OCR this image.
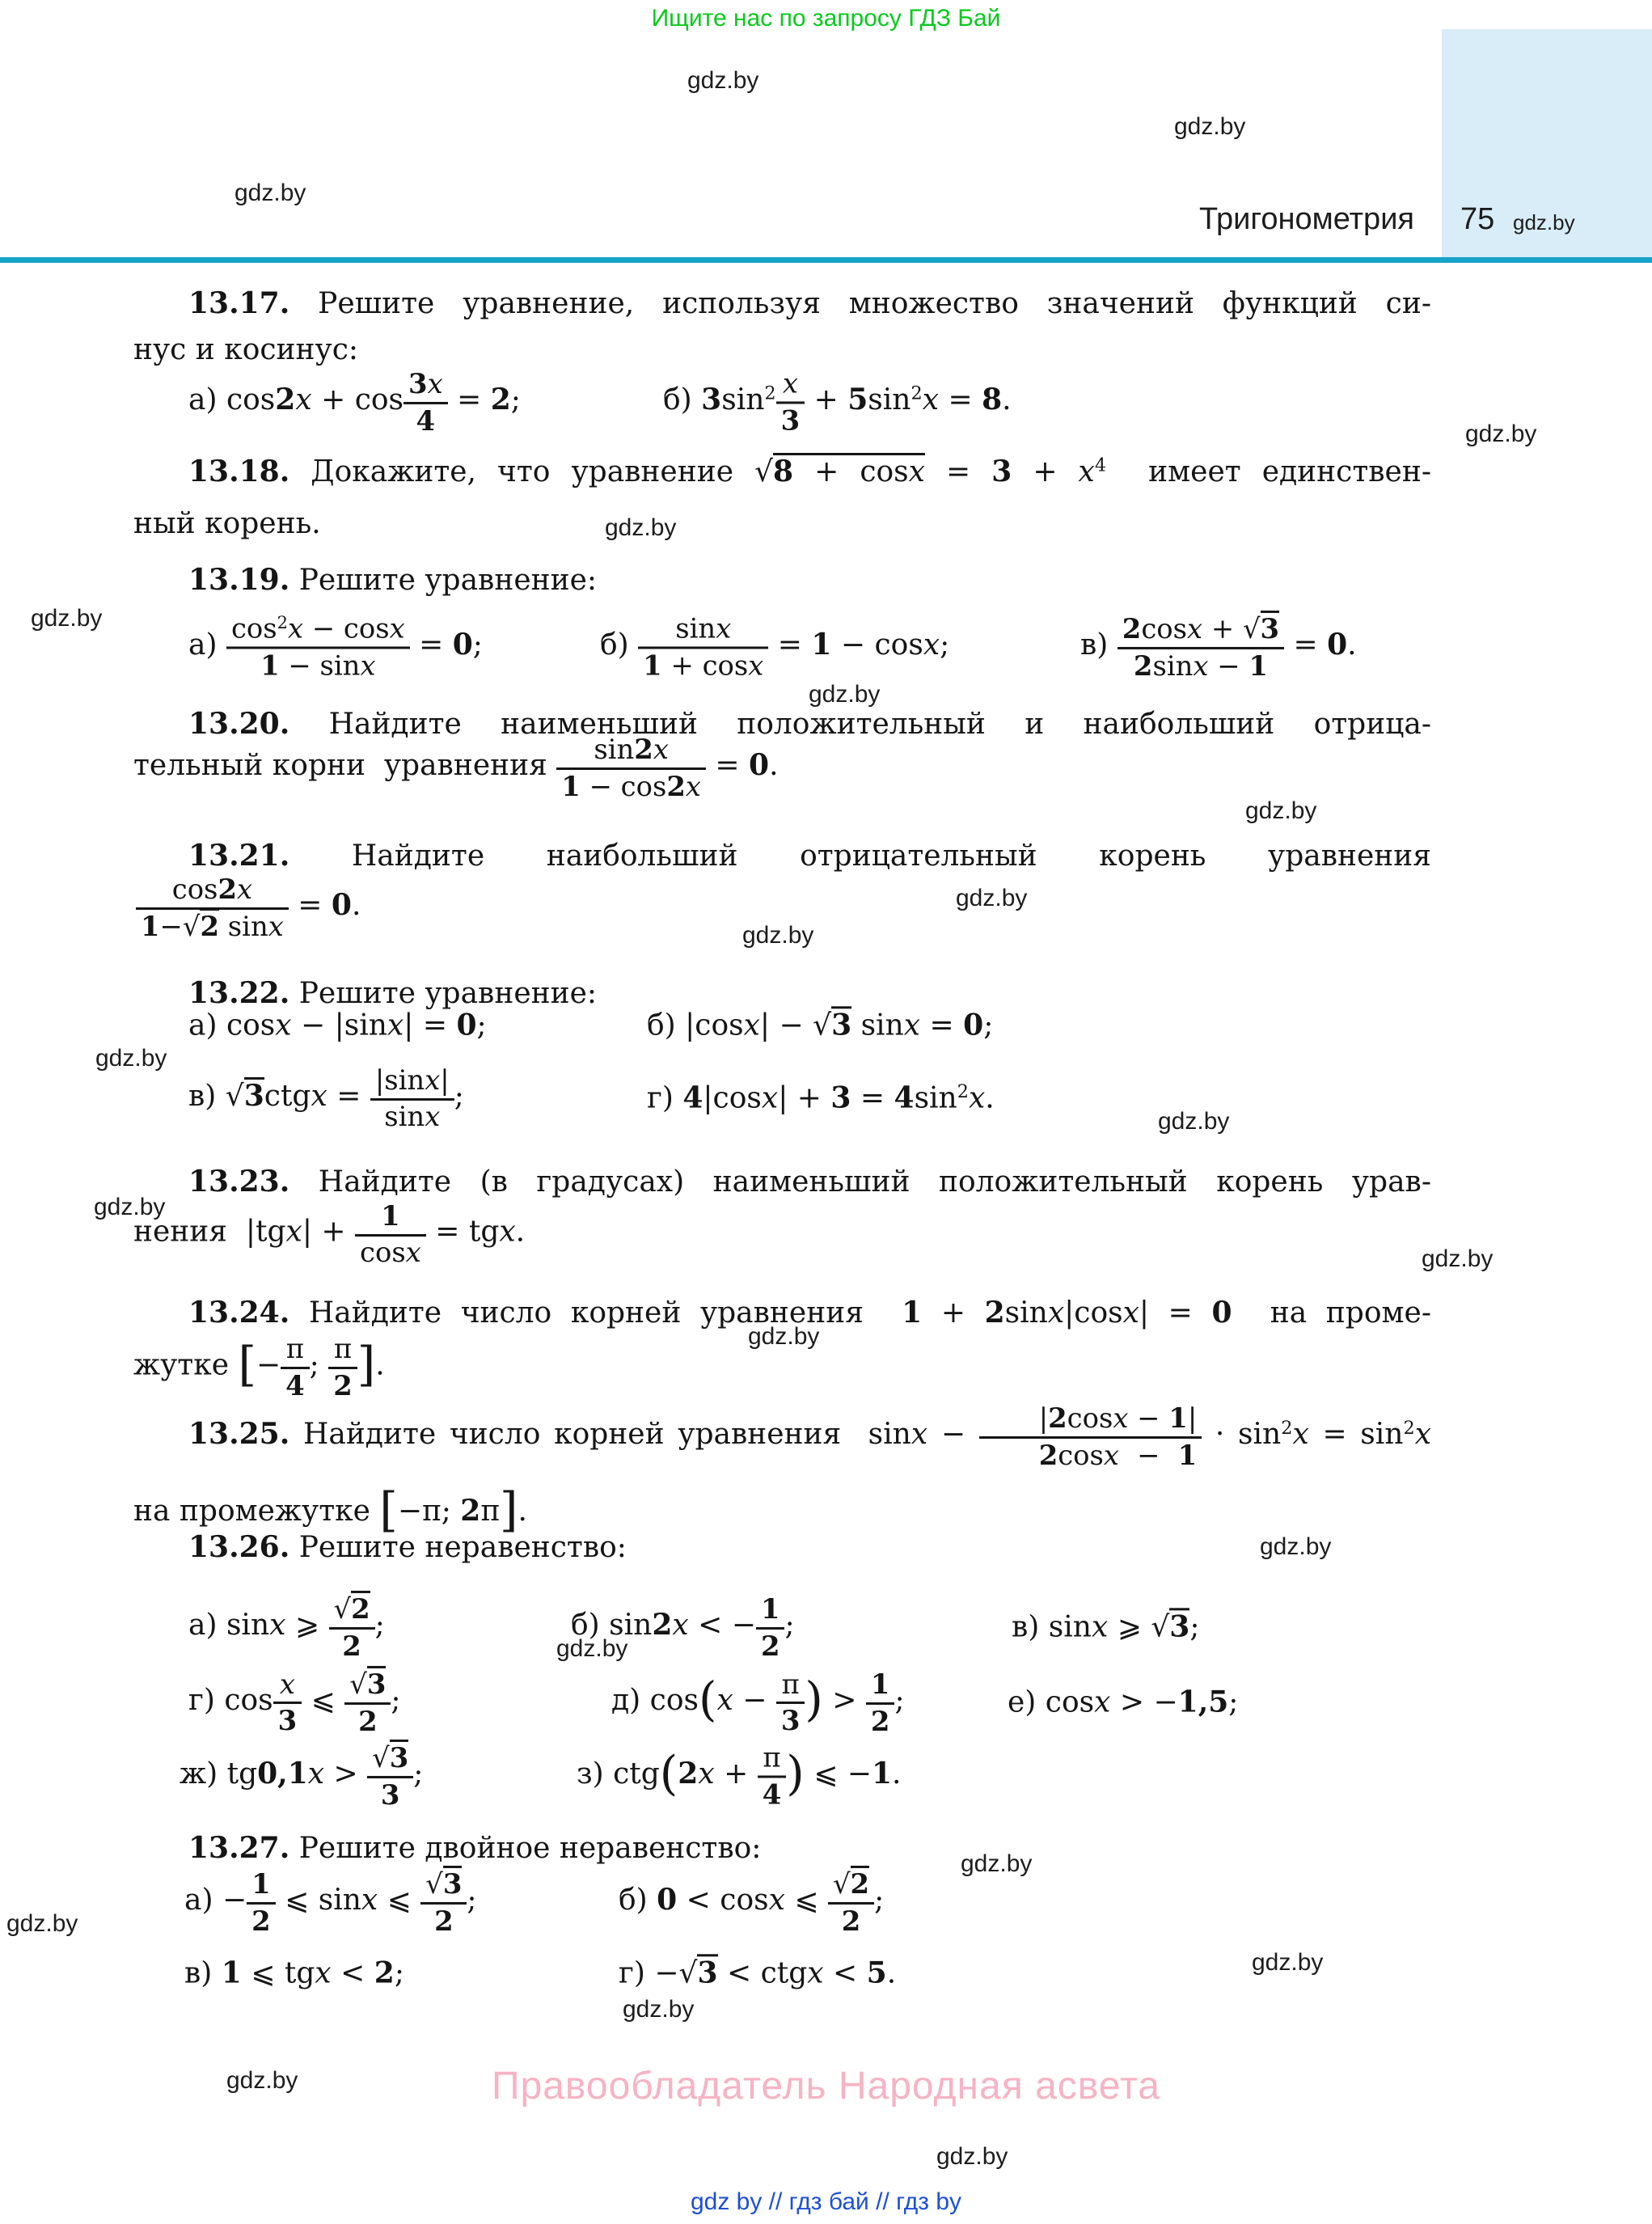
Ищите нас по запросу ГДЗ Бай
Тригонометрия 75
gdz.by
gdz.by
gdz.by
gdz.by
gdz.by
gdz.by
gdz.by
gdz.by
gdz.by
gdz.by
gdz.by
gdz.by
gdz.by
gdz.by
gdz.by
gdz.by
gdz.by
gdz.by
gdz.by
gdz.by
gdz.by
gdz.by
gdz.by
gdz.by
13.17. Решите уравнение, используя множество значений функций си-
нус и косинус:
а) $\cos 2x + \cos \frac{3x}{4} = 2$;	б) $3\sin^2 \frac{x}{3} + 5\sin^2x = 8$.
13.18. Докажите, что уравнение $√8 + \cos x = 3 + x^4$  имеет единствен-
ный корень.
13.19. Решите уравнение:
$а) \frac{\cos^2x - \cos x}{1 - \sin x} = 0$;	$б) \frac{\sin x}{1 + \cos x} = 1 - \cos x$;	$в) \frac{2\cos x + √3}{2\sin x - 1} = 0$.
13.20. Найдите наименьший положительный и наибольший отрица-
тельный корни  уравнения $\frac{\sin 2x}{1 - \cos 2x} = 0$.
13.21. Найдите наибольший отрицательный корень уравнения
$\frac{\cos 2x}{1-√2 \sin x} = 0$.
13.22. Решите уравнение:
а) cosx − |sinx| = 0;	б) |cosx| − √3 sinx = 0;
в) √3ctgx = $\frac{|\sin x|}{\sin x}$ ;	г) $4|\cos x| + 3 = 4\sin^2x$.
13.23. Найдите (в градусах) наименьший положительный корень урав-
нения  $|tgx| + \frac{1}{\cos x}$ = tgx.
13.24. Найдите число корней уравнения  1 + 2sinx|cosx| = 0  на проме-
жутке [− $\frac{\pi}{4}$ ; $\frac{\pi}{2}$ ].
13.25. Найдите число корней уравнения  $\sin x - \frac{|2\cos x - 1|}{2\cos x - 1} \cdot \sin^2x = \sin^2x$
на промежутке [−π; 2π].
13.26. Решите неравенство:
а) sinx ⩾ $\frac{√2}{2}$ ;	б) sin2x < − $\frac{1}{2}$ ;	в) sinx ⩾ √3;
г) $\cos \frac{x}{3}$ ⩽ $\frac{√3}{2}$ ;	д) $\cos(x - \frac{\pi}{3}$ ) > $\frac{1}{2}$ ;	е) cosx > −1,5;
ж) $tg0,1x > \frac{√3}{3}$ ;	з) $ctg(2x + \frac{\pi}{4}$ ) ⩽ −1.
13.27. Решите двойное неравенство:
$а) - \frac{1}{2}$ ⩽ sinx ⩽ $\frac{√3}{2}$ ;	б) 0 < cosx ⩽ $\frac{√2}{2}$ ;
в) 1 ⩽ tgx < 2;	г) −√3 < ctgx < 5.
Правообладатель Народная асвета
gdz by // гдз бай // гдз by
